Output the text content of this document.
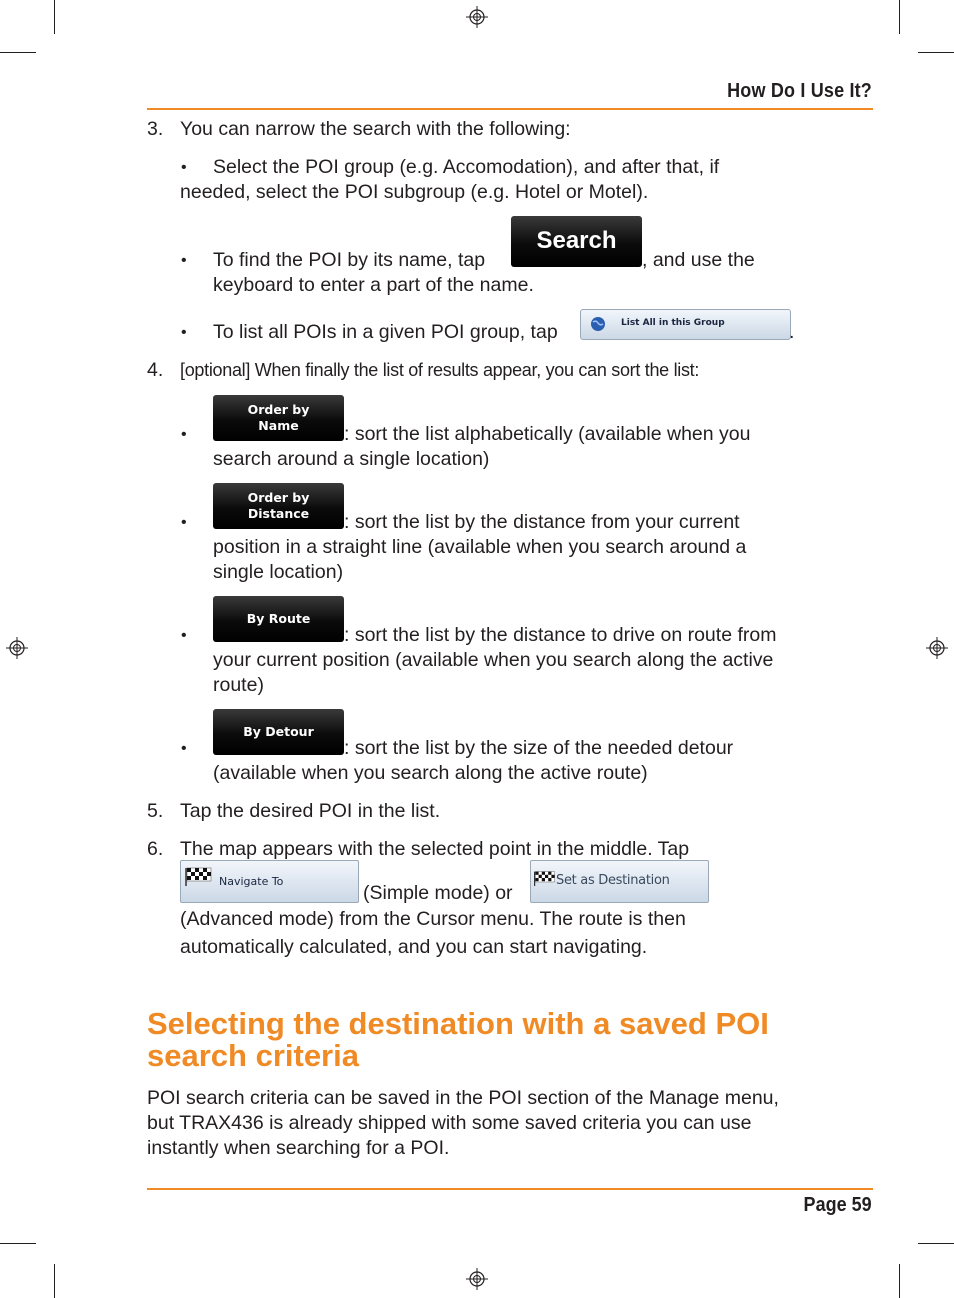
How Do I Use It?
3. You can narrow the search with the following:
• Select the POI group (e.g. Accomodation), and after that, if
needed, select the POI subgroup (e.g. Hotel or Motel).
• To find the POI by its name, tap
Search
, and use the
keyboard to enter a part of the name.
• To list all POIs in a given POI group, tap	List All in this Group	.
4. [optional] When finally the list of results appear, you can sort the list:
•
Order by
Name	: sort the list alphabetically (available when you
search around a single location)
•
Order by
Distance	: sort the list by the distance from your current
position in a straight line (available when you search around a
single location)
•
By Route
: sort the list by the distance to drive on route from
your current position (available when you search along the active
route)
•
By Detour
: sort the list by the size of the needed detour
(available when you search along the active route)
5. Tap the desired POI in the list.
6. The map appears with the selected point in the middle. Tap
Navigate To
(Simple mode) or
Set as Destination
(Advanced mode) from the Cursor menu. The route is then
automatically calculated, and you can start navigating.
Selecting the destination with a saved POI
search criteria
POI search criteria can be saved in the POI section of the Manage menu,
but TRAX436 is already shipped with some saved criteria you can use
instantly when searching for a POI.
Page 59
